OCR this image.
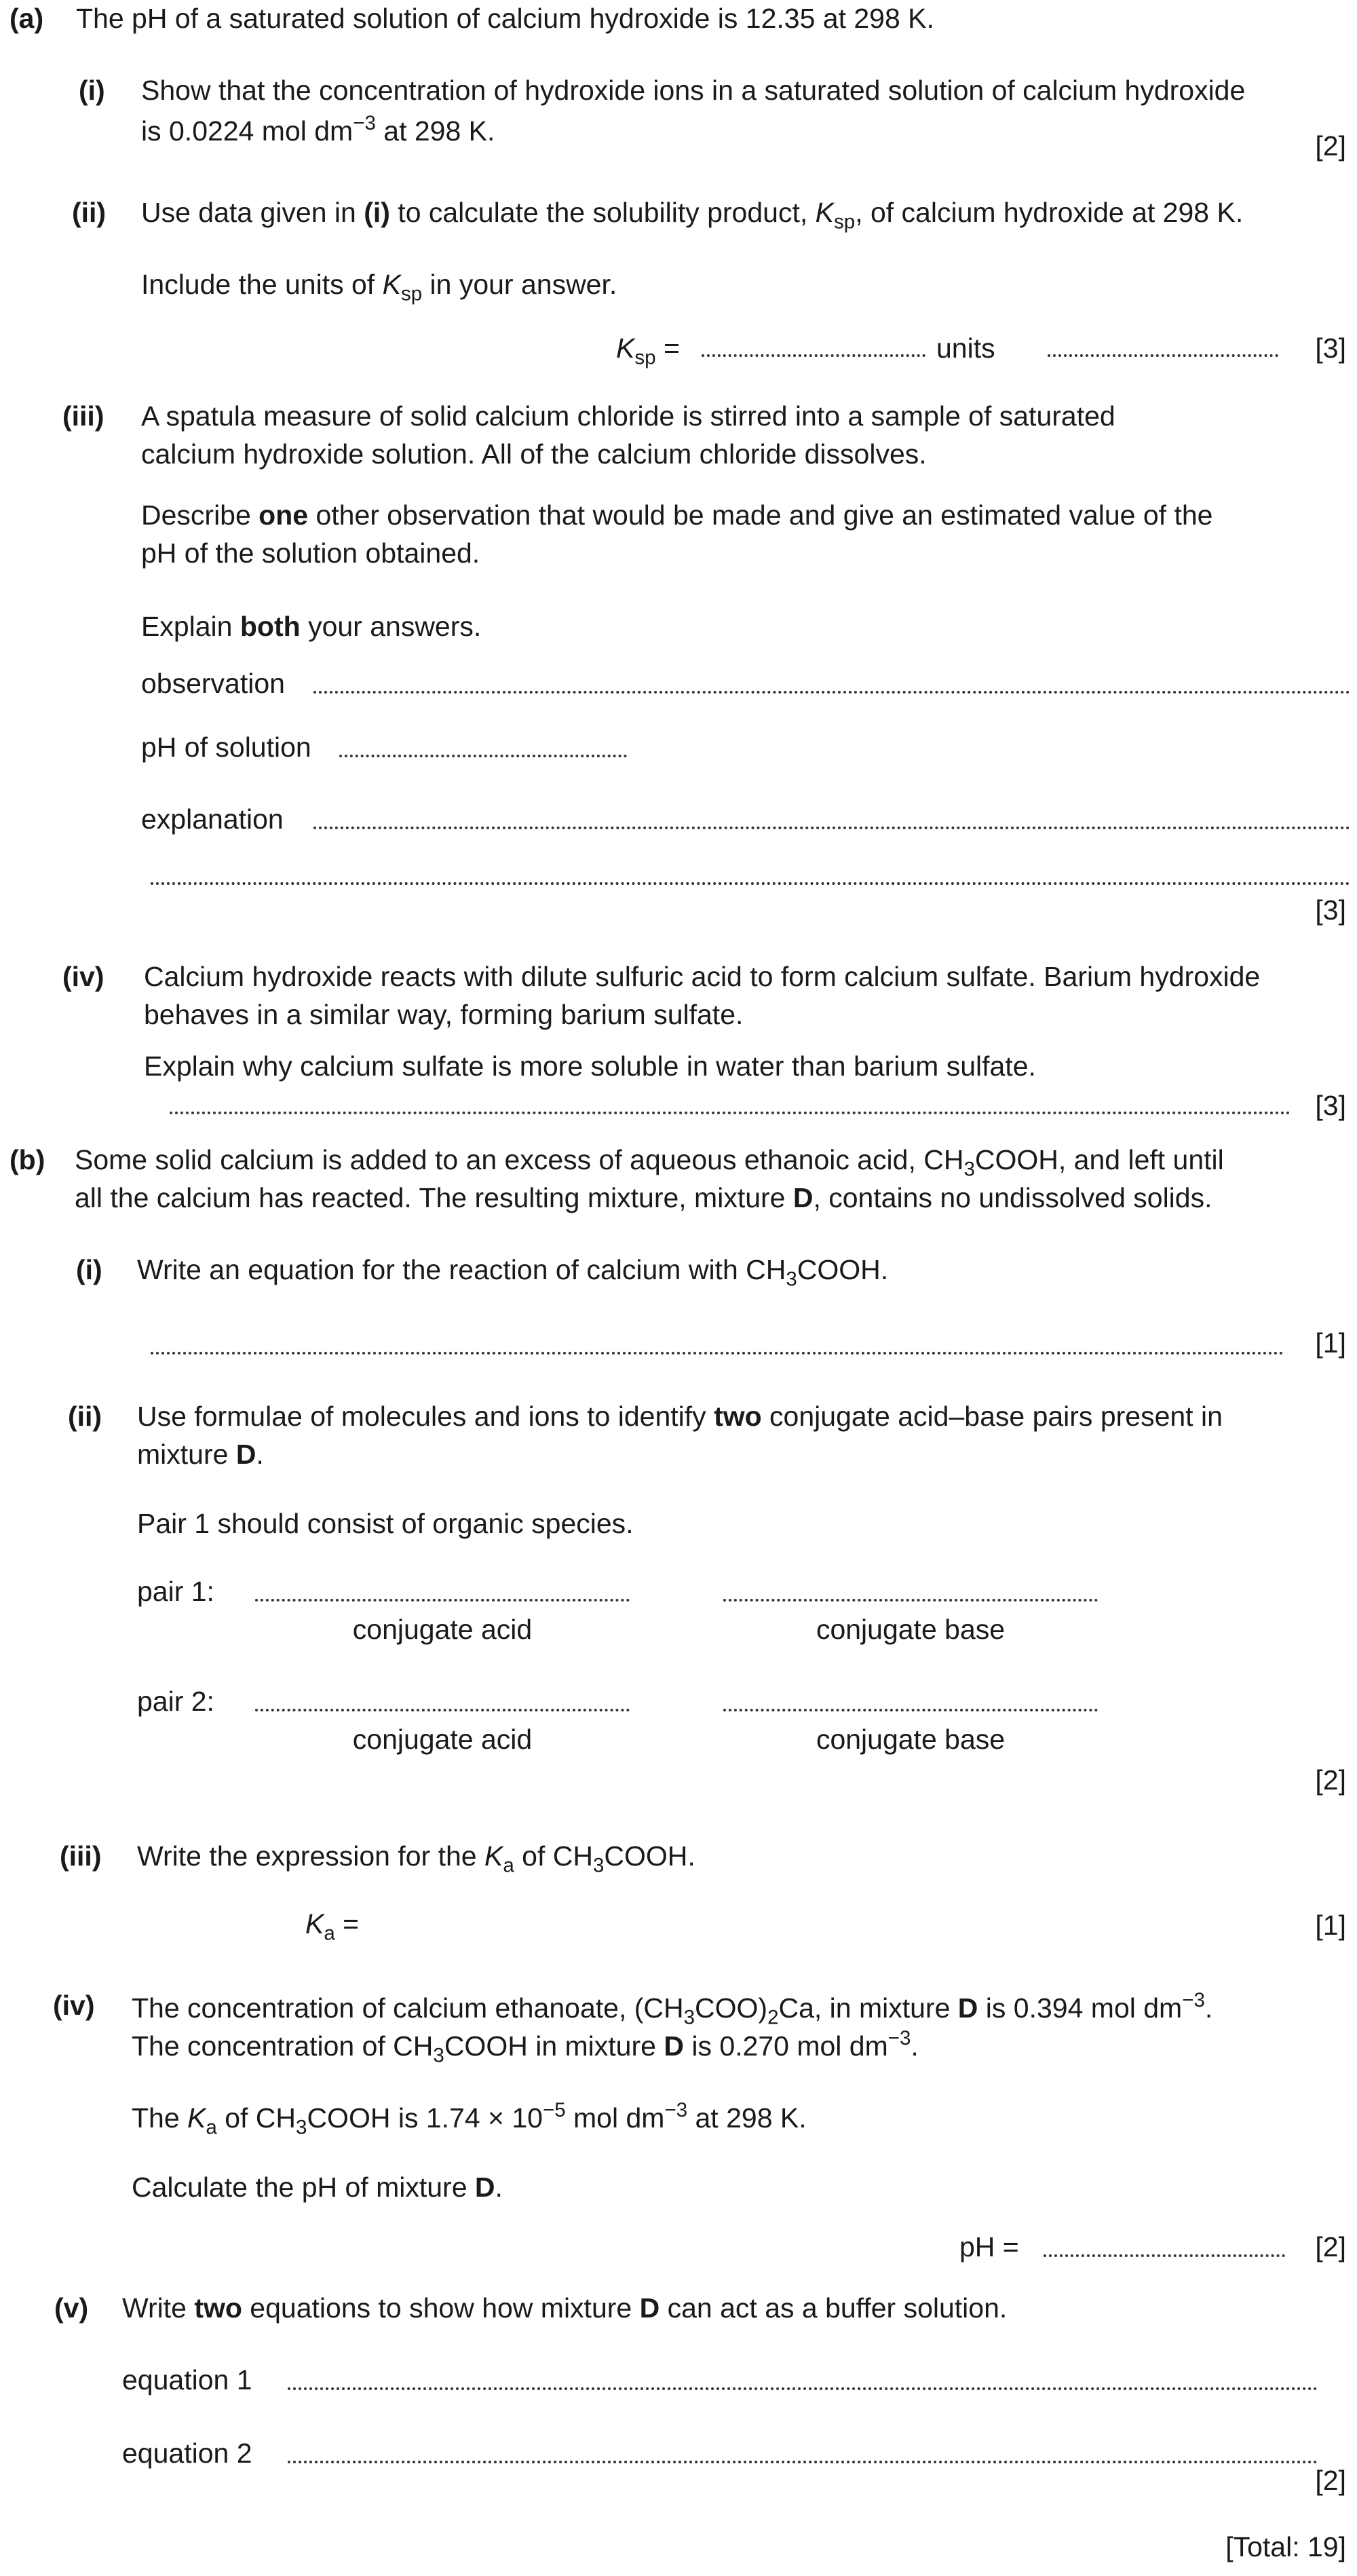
(a) The pH of a saturated solution of calcium hydroxide is 12.35 at 298 K.
(i) Show that the concentration of hydroxide ions in a saturated solution of calcium hydroxide
is 0.0224 mol $dm^{-3}$ at 298 K.	[2]
(ii) Use data given in (i) to calculate the solubility product, $K_{sp}$, of calcium hydroxide at 298 K.
Include the units of $K_{sp}$ in your answer.
$K_{sp}$ =	units	[3]
(iii) A spatula measure of solid calcium chloride is stirred into a sample of saturated
calcium hydroxide solution. All of the calcium chloride dissolves.
Describe one other observation that would be made and give an estimated value of the
pH of the solution obtained.
Explain both your answers.
observation
pH of solution
explanation
[3]
(iv) Calcium hydroxide reacts with dilute sulfuric acid to form calcium sulfate. Barium hydroxide
behaves in a similar way, forming barium sulfate.
Explain why calcium sulfate is more soluble in water than barium sulfate.
[3]
(b) Some solid calcium is added to an excess of aqueous ethanoic acid, $CH_3COOH$, and left until
all the calcium has reacted. The resulting mixture, mixture D, contains no undissolved solids.
(i) Write an equation for the reaction of calcium with $CH_3COOH$.
[1]
(ii) Use formulae of molecules and ions to identify two conjugate acid–base pairs present in
mixture D.
Pair 1 should consist of organic species.
pair 1:
conjugate acid	conjugate base
pair 2:
conjugate acid	conjugate base
[2]
(iii) Write the expression for the $K_a$ of $CH_3COOH$.
$K_a$ =	[1]
(iv) The concentration of calcium ethanoate, $(CH_3COO)_2Ca$, in mixture D is 0.394 mol $dm^{-3}$.
The concentration of $CH_3COOH$ in mixture D is 0.270 mol $dm^{-3}$.
The $K_a$ of $CH_3COOH$ is $1.74 \times 10^{-5}$ mol $dm^{-3}$ at 298 K.
Calculate the pH of mixture D.
pH =	[2]
(v) Write two equations to show how mixture D can act as a buffer solution.
equation 1
equation 2
[2]
[Total: 19]
